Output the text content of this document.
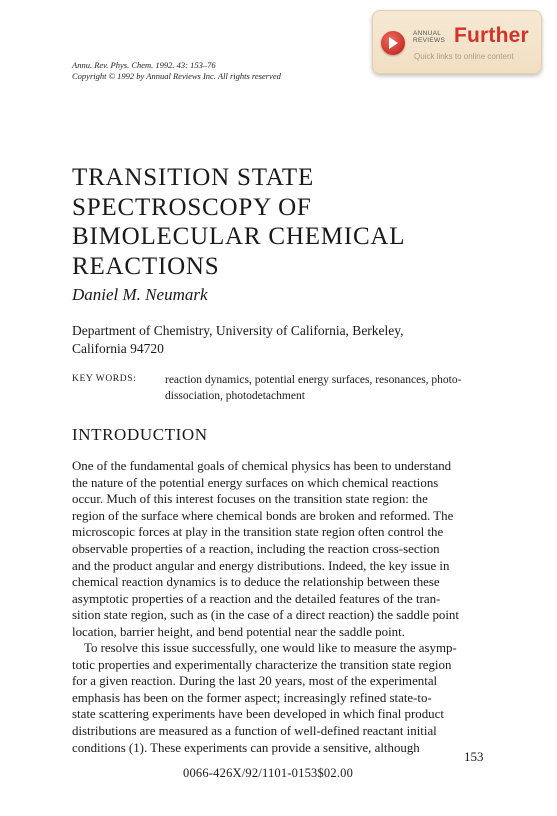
Annu. Rev. Phys. Chem. 1992. 43: 153–76
Copyright © 1992 by Annual Reviews Inc. All rights reserved
ANNUAL
REVIEWS Further
Quick links to online content
TRANSITION STATE
SPECTROSCOPY OF
BIMOLECULAR CHEMICAL
REACTIONS
Daniel M. Neumark
Department of Chemistry, University of California, Berkeley,
California 94720
KEY WORDS: reaction dynamics, potential energy surfaces, resonances, photo-
dissociation, photodetachment
INTRODUCTION
One of the fundamental goals of chemical physics has been to understand
the nature of the potential energy surfaces on which chemical reactions
occur. Much of this interest focuses on the transition state region: the
region of the surface where chemical bonds are broken and reformed. The
microscopic forces at play in the transition state region often control the
observable properties of a reaction, including the reaction cross-section
and the product angular and energy distributions. Indeed, the key issue in
chemical reaction dynamics is to deduce the relationship between these
asymptotic properties of a reaction and the detailed features of the tran-
sition state region, such as (in the case of a direct reaction) the saddle point
location, barrier height, and bend potential near the saddle point.
To resolve this issue successfully, one would like to measure the asymp-
totic properties and experimentally characterize the transition state region
for a given reaction. During the last 20 years, most of the experimental
emphasis has been on the former aspect; increasingly refined state-to-
state scattering experiments have been developed in which final product
distributions are measured as a function of well-defined reactant initial
conditions (1). These experiments can provide a sensitive, although
153
0066-426X/92/1101-0153$02.00
